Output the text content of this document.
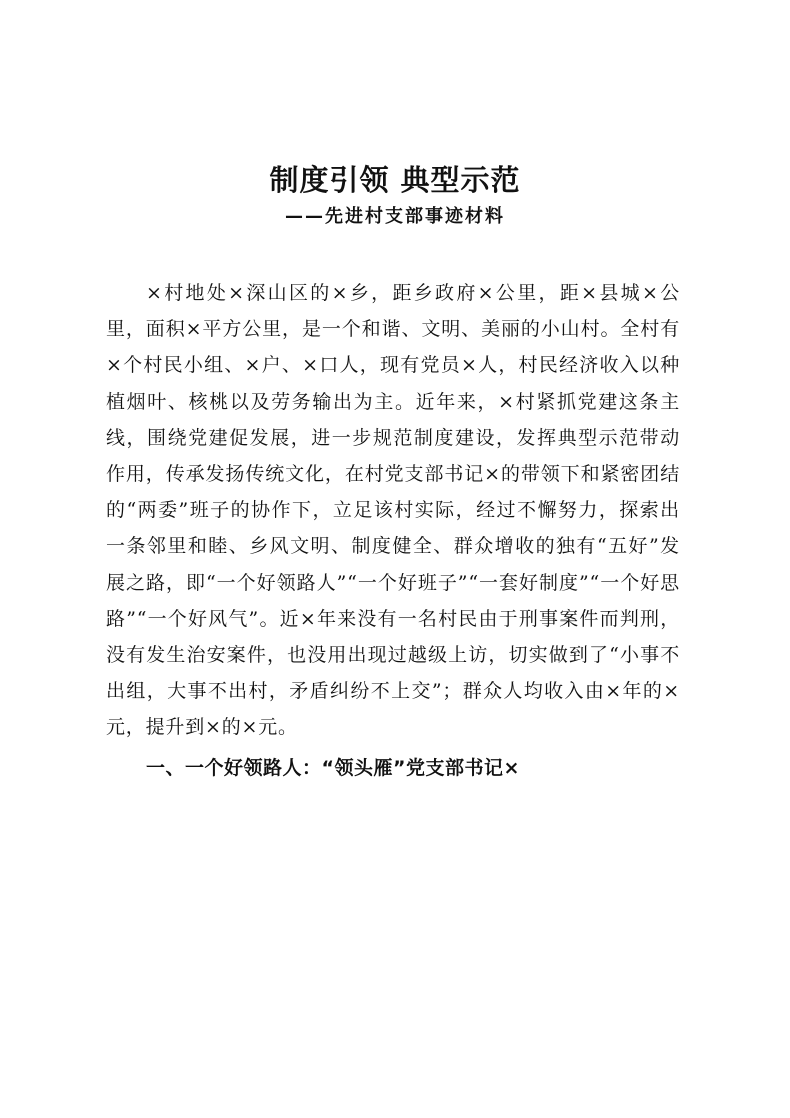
制度引领 典型示范
——先进村支部事迹材料

×村地处×深山区的×乡，距乡政府×公里，距×县城×公里，面积×平方公里，是一个和谐、文明、美丽的小山村。全村有×个村民小组、×户、×口人，现有党员×人，村民经济收入以种植烟叶、核桃以及劳务输出为主。近年来，×村紧抓党建这条主线，围绕党建促发展，进一步规范制度建设，发挥典型示范带动作用，传承发扬传统文化，在村党支部书记×的带领下和紧密团结的“两委”班子的协作下，立足该村实际，经过不懈努力，探索出一条邻里和睦、乡风文明、制度健全、群众增收的独有“五好”发展之路，即“一个好领路人”“一个好班子”“一套好制度”“一个好思路”“一个好风气”。近×年来没有一名村民由于刑事案件而判刑，没有发生治安案件，也没用出现过越级上访，切实做到了“小事不出组，大事不出村，矛盾纠纷不上交”；群众人均收入由×年的×元，提升到×的×元。

一、一个好领路人：“领头雁”党支部书记×
